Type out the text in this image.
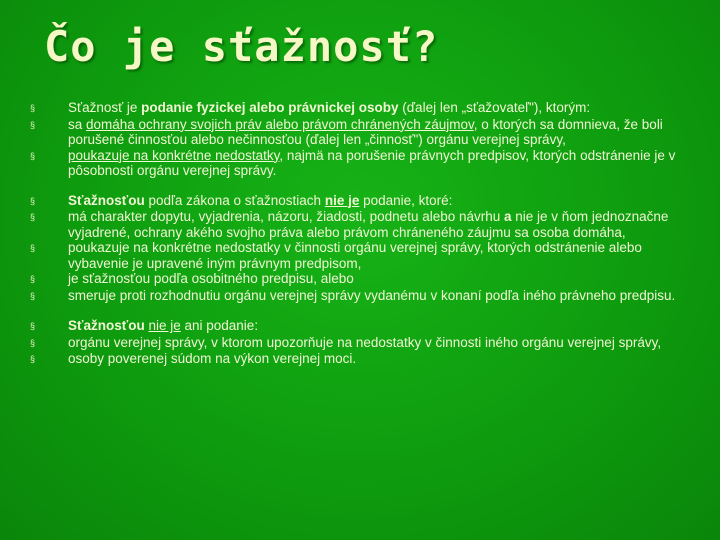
Čo je sťažnosť?
§	Sťažnosť je podanie fyzickej alebo právnickej osoby (ďalej len „sťažovateľ"), ktorým:
§	sa domáha ochrany svojich práv alebo právom chránených záujmov, o ktorých sa domnieva, že boli porušené činnosťou alebo nečinnosťou (ďalej len „činnosť") orgánu verejnej správy,
§	poukazuje na konkrétne nedostatky, najmä na porušenie právnych predpisov, ktorých odstránenie je v pôsobnosti orgánu verejnej správy.
§	Sťažnosťou podľa zákona o sťažnostiach nie je podanie, ktoré:
§	má charakter dopytu, vyjadrenia, názoru, žiadosti, podnetu alebo návrhu a nie je v ňom jednoznačne vyjadrené, ochrany akého svojho práva alebo právom chráneného záujmu sa osoba domáha,
§	poukazuje na konkrétne nedostatky v činnosti orgánu verejnej správy, ktorých odstránenie alebo vybavenie je upravené iným právnym predpisom,
§	je sťažnosťou podľa osobitného predpisu, alebo
§	smeruje proti rozhodnutiu orgánu verejnej správy vydanému v konaní podľa iného právneho predpisu.
§	Sťažnosťou nie je ani podanie:
§	orgánu verejnej správy, v ktorom upozorňuje na nedostatky v činnosti iného orgánu verejnej správy,
§	osoby poverenej súdom na výkon verejnej moci.
